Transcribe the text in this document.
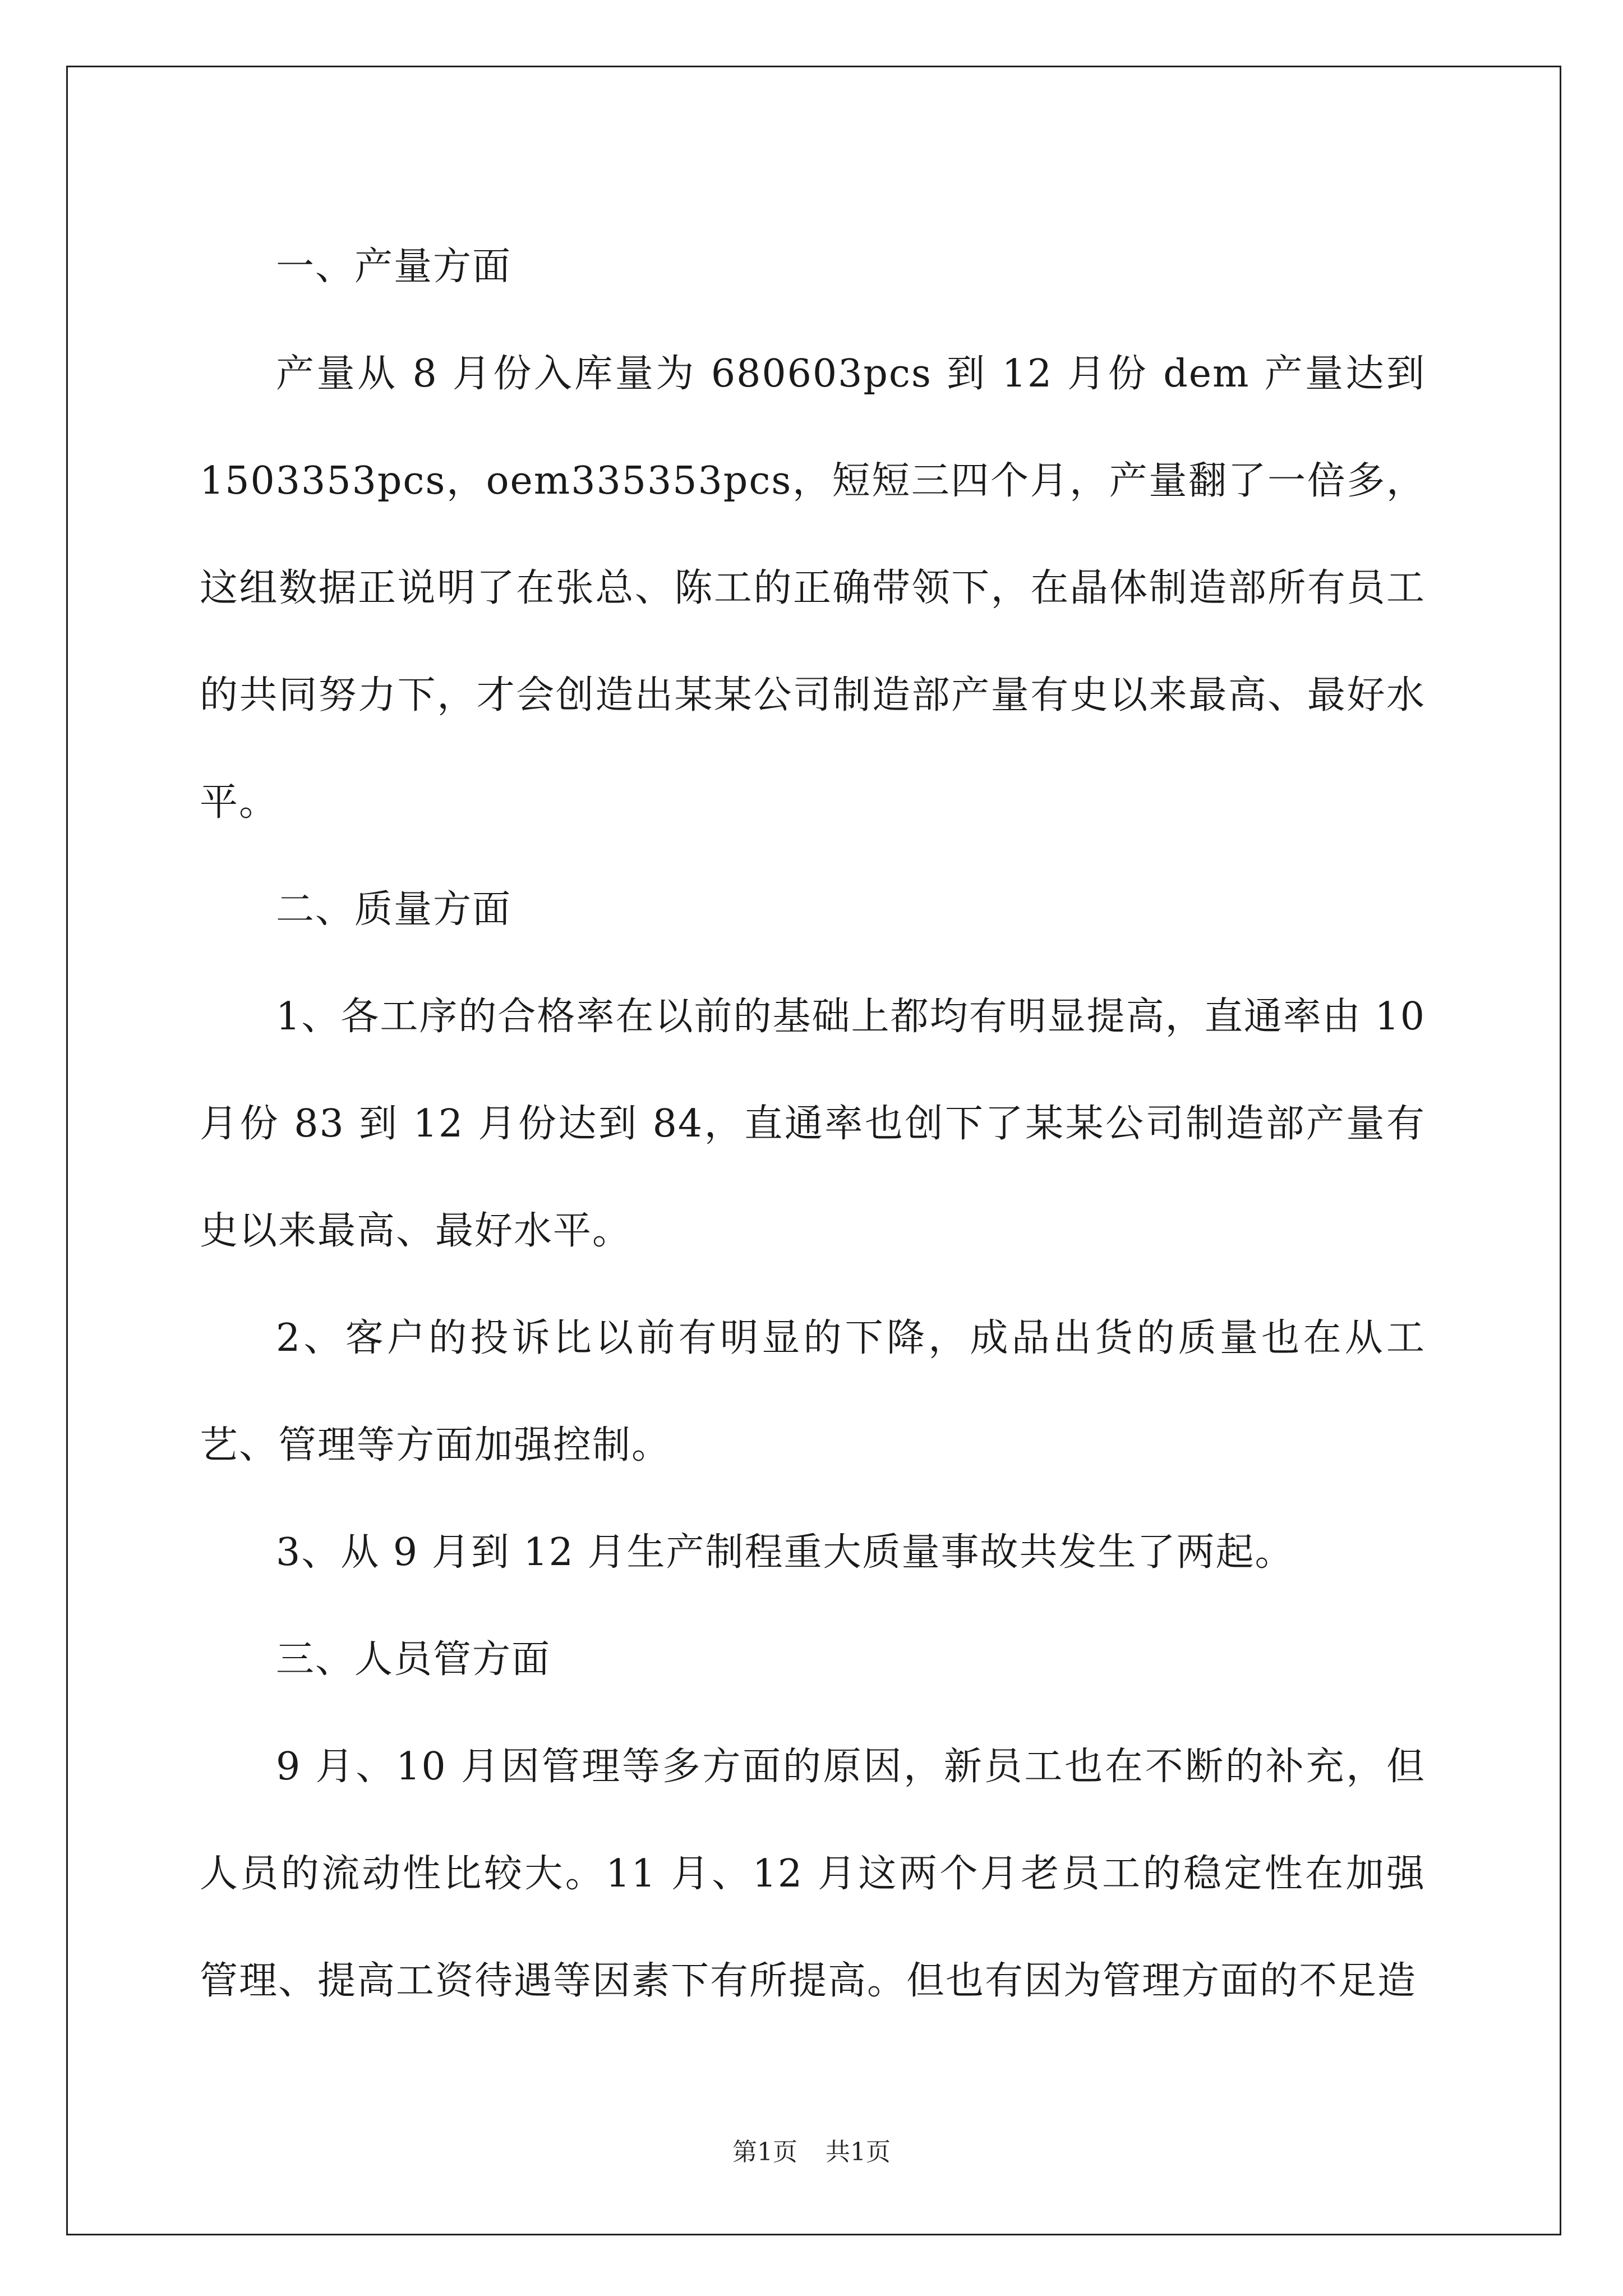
一、产量方面

产量从 8 月份入库量为 680603pcs 到 12 月份 dem 产量达到 1503353pcs，oem335353pcs，短短三四个月，产量翻了一倍多，这组数据正说明了在张总、陈工的正确带领下，在晶体制造部所有员工的共同努力下，才会创造出某某公司制造部产量有史以来最高、最好水平。

二、质量方面

1、各工序的合格率在以前的基础上都均有明显提高，直通率由 10 月份 83 到 12 月份达到 84，直通率也创下了某某公司制造部产量有史以来最高、最好水平。

2、客户的投诉比以前有明显的下降，成品出货的质量也在从工艺、管理等方面加强控制。

3、从 9 月到 12 月生产制程重大质量事故共发生了两起。

三、人员管方面

9 月、10 月因管理等多方面的原因，新员工也在不断的补充，但人员的流动性比较大。11 月、12 月这两个月老员工的稳定性在加强管理、提高工资待遇等因素下有所提高。但也有因为管理方面的不足造

第1页 共1页
